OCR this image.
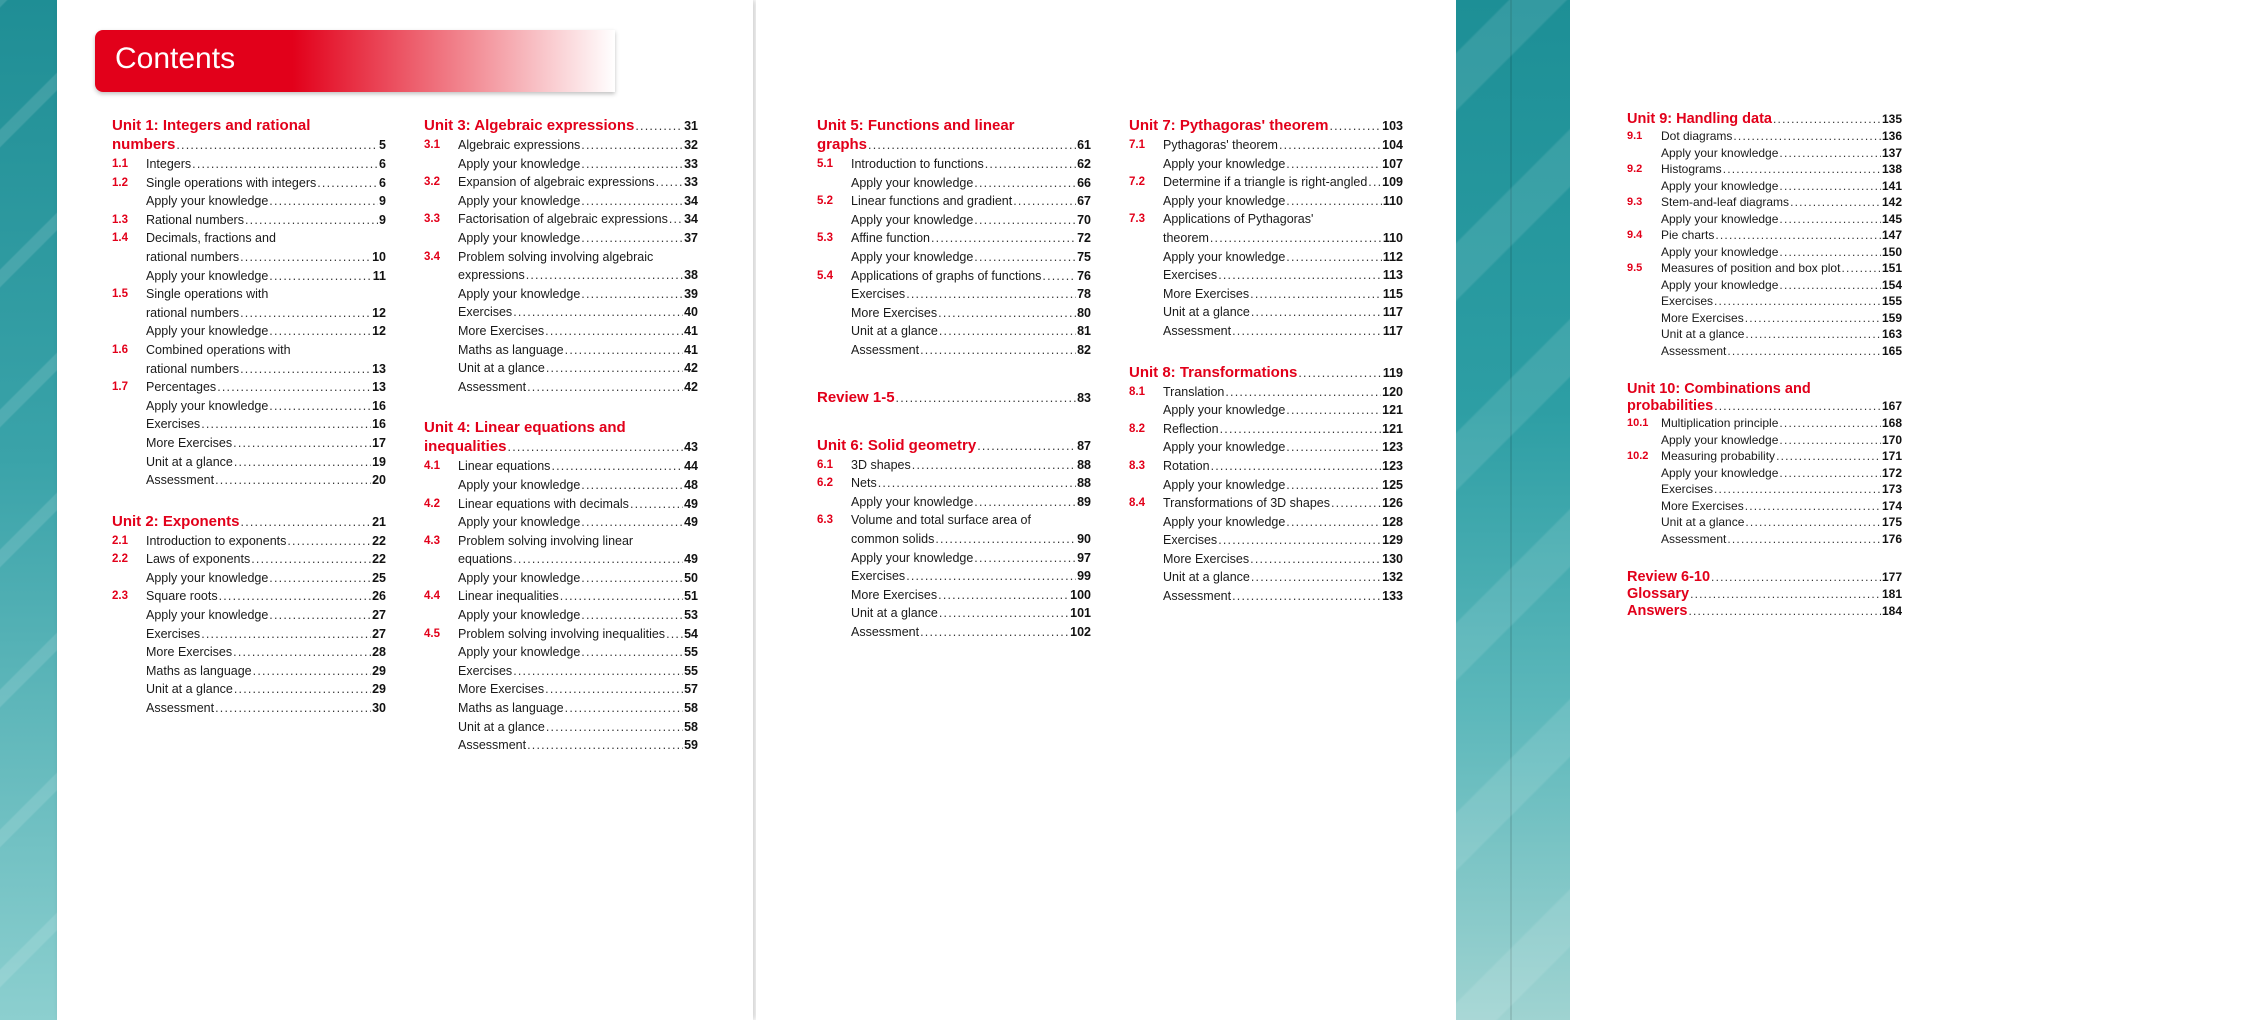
Contents
Unit 1: Integers and rational
numbers .....	5
1.1 Integers .....	6
1.2 Single operations with integers .....	6
Apply your knowledge .....	9
1.3 Rational numbers .....	9
1.4 Decimals, fractions and
rational numbers .....	10
Apply your knowledge .....	11
1.5 Single operations with
rational numbers .....	12
Apply your knowledge .....	12
1.6 Combined operations with
rational numbers .....	13
1.7 Percentages .....	13
Apply your knowledge .....	16
Exercises .....	16
More Exercises .....	17
Unit at a glance .....	19
Assessment .....	20
Unit 2: Exponents .....	21
2.1 Introduction to exponents .....	22
2.2 Laws of exponents .....	22
Apply your knowledge .....	25
2.3 Square roots .....	26
Apply your knowledge .....	27
Exercises .....	27
More Exercises .....	28
Maths as language .....	29
Unit at a glance .....	29
Assessment .....	30
Unit 3: Algebraic expressions .....	31
3.1 Algebraic expressions .....	32
Apply your knowledge .....	33
3.2 Expansion of algebraic expressions ..... 33
Apply your knowledge .....	34
3.3 Factorisation of algebraic expressions ..... 34
Apply your knowledge .....	37
3.4 Problem solving involving algebraic
expressions .....	38
Apply your knowledge .....	39
Exercises .....	40
More Exercises .....	41
Maths as language .....	41
Unit at a glance .....	42
Assessment .....	42
Unit 4: Linear equations and
inequalities .....	43
4.1 Linear equations .....	44
Apply your knowledge .....	48
4.2 Linear equations with decimals .....	49
Apply your knowledge .....	49
4.3 Problem solving involving linear
equations .....	49
Apply your knowledge .....	50
4.4 Linear inequalities .....	51
Apply your knowledge .....	53
4.5 Problem solving involving inequalities ..... 54
Apply your knowledge .....	55
Exercises .....	55
More Exercises .....	57
Maths as language .....	58
Unit at a glance .....	58
Assessment .....	59
Unit 5: Functions and linear
graphs .....	61
5.1 Introduction to functions .....	62
Apply your knowledge .....	66
5.2 Linear functions and gradient .....	67
Apply your knowledge .....	70
5.3 Affine function .....	72
Apply your knowledge .....	75
5.4 Applications of graphs of functions .....	76
Exercises .....	78
More Exercises .....	80
Unit at a glance .....	81
Assessment .....	82
Review 1-5 .....	83
Unit 6: Solid geometry .....	87
6.1 3D shapes .....	88
6.2 Nets .....	88
Apply your knowledge .....	89
6.3 Volume and total surface area of
common solids .....	90
Apply your knowledge .....	97
Exercises .....	99
More Exercises .....	100
Unit at a glance .....	101
Assessment .....	102
Unit 7: Pythagoras' theorem .....	103
7.1 Pythagoras' theorem .....	104
Apply your knowledge .....	107
7.2 Determine if a triangle is right-angled ..... 109
Apply your knowledge .....	110
7.3 Applications of Pythagoras'
theorem .....	110
Apply your knowledge .....	112
Exercises .....	113
More Exercises .....	115
Unit at a glance .....	117
Assessment .....	117
Unit 8: Transformations .....	119
8.1 Translation .....	120
Apply your knowledge .....	121
8.2 Reflection .....	121
Apply your knowledge .....	123
8.3 Rotation .....	123
Apply your knowledge .....	125
8.4 Transformations of 3D shapes .....	126
Apply your knowledge .....	128
Exercises .....	129
More Exercises .....	130
Unit at a glance .....	132
Assessment .....	133
Unit 9: Handling data .....	135
9.1 Dot diagrams .....	136
Apply your knowledge .....	137
9.2 Histograms .....	138
Apply your knowledge .....	141
9.3 Stem-and-leaf diagrams .....	142
Apply your knowledge .....	145
9.4 Pie charts .....	147
Apply your knowledge .....	150
9.5 Measures of position and box plot .....	151
Apply your knowledge .....	154
Exercises .....	155
More Exercises .....	159
Unit at a glance .....	163
Assessment .....	165
Unit 10: Combinations and
probabilities .....	167
10.1 Multiplication principle .....	168
Apply your knowledge .....	170
10.2 Measuring probability .....	171
Apply your knowledge .....	172
Exercises .....	173
More Exercises .....	174
Unit at a glance .....	175
Assessment .....	176
Review 6-10 .....	177
Glossary .....	181
Answers .....	184
